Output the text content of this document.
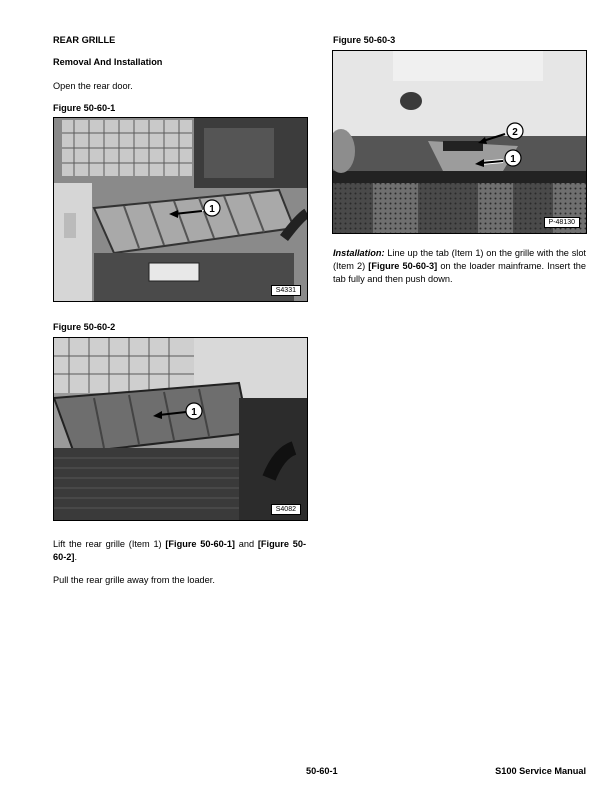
REAR GRILLE
Removal And Installation
Open the rear door.
Figure 50-60-1
1
S4331
Figure 50-60-2
1
S4082
Lift the rear grille (Item 1) [Figure 50-60-1] and [Figure 50-60-2].
Pull the rear grille away from the loader.
Figure 50-60-3
2
1
P-48130
Installation: Line up the tab (Item 1) on the grille with the slot (Item 2) [Figure 50-60-3] on the loader mainframe. Insert the tab fully and then push down.
50-60-1	S100 Service Manual
